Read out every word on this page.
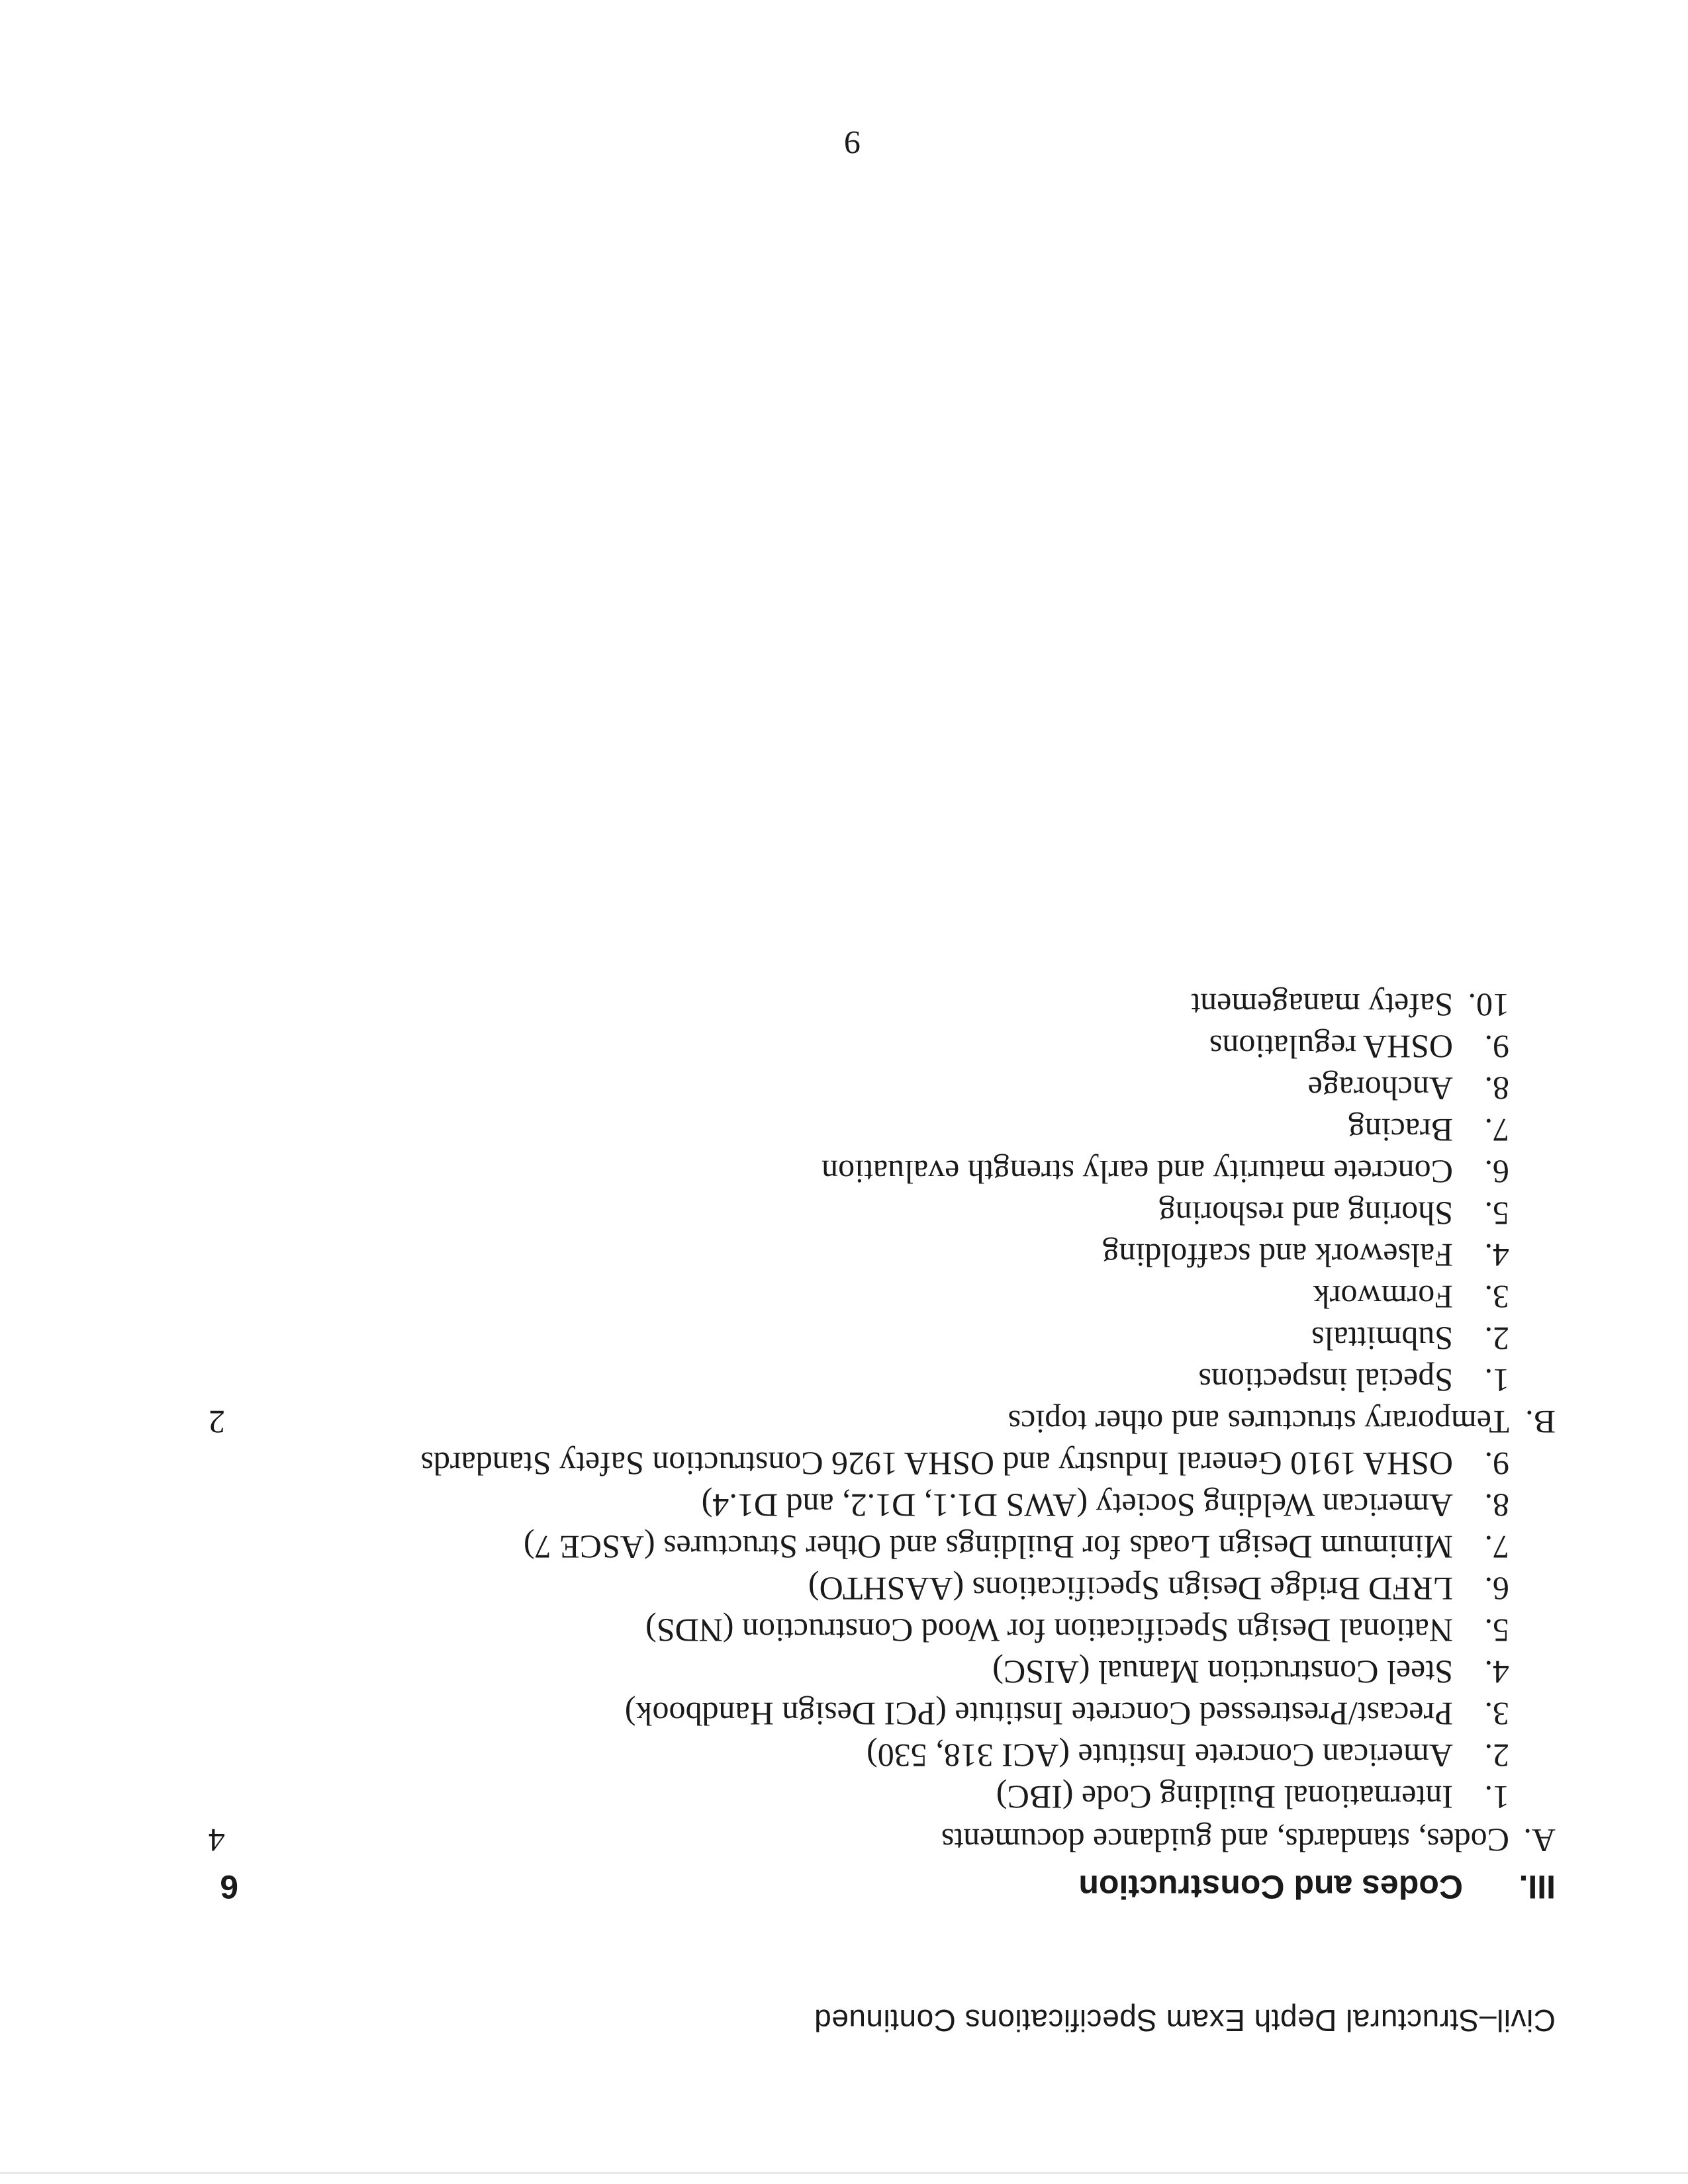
Civil–Structural Depth Exam Specifications Continued
III.Codes and Construction
6
A.
Codes, standards, and guidance documents
4
1.
International Building Code (IBC)
2.
American Concrete Institute (ACI 318, 530)
3.
Precast/Prestressed Concrete Institute (PCI Design Handbook)
4.
Steel Construction Manual (AISC)
5.
National Design Specification for Wood Construction (NDS)
6.
LRFD Bridge Design Specifications (AASHTO)
7.
Minimum Design Loads for Buildings and Other Structures (ASCE 7)
8.
American Welding Society (AWS D1.1, D1.2, and D1.4)
9.
OSHA 1910 General Industry and OSHA 1926 Construction Safety Standards
B.
Temporary structures and other topics
2
1.
Special inspections
2.
Submittals
3.
Formwork
4.
Falsework and scaffolding
5.
Shoring and reshoring
6.
Concrete maturity and early strength evaluation
7.
Bracing
8.
Anchorage
9.
OSHA regulations
10.
Safety management
9
